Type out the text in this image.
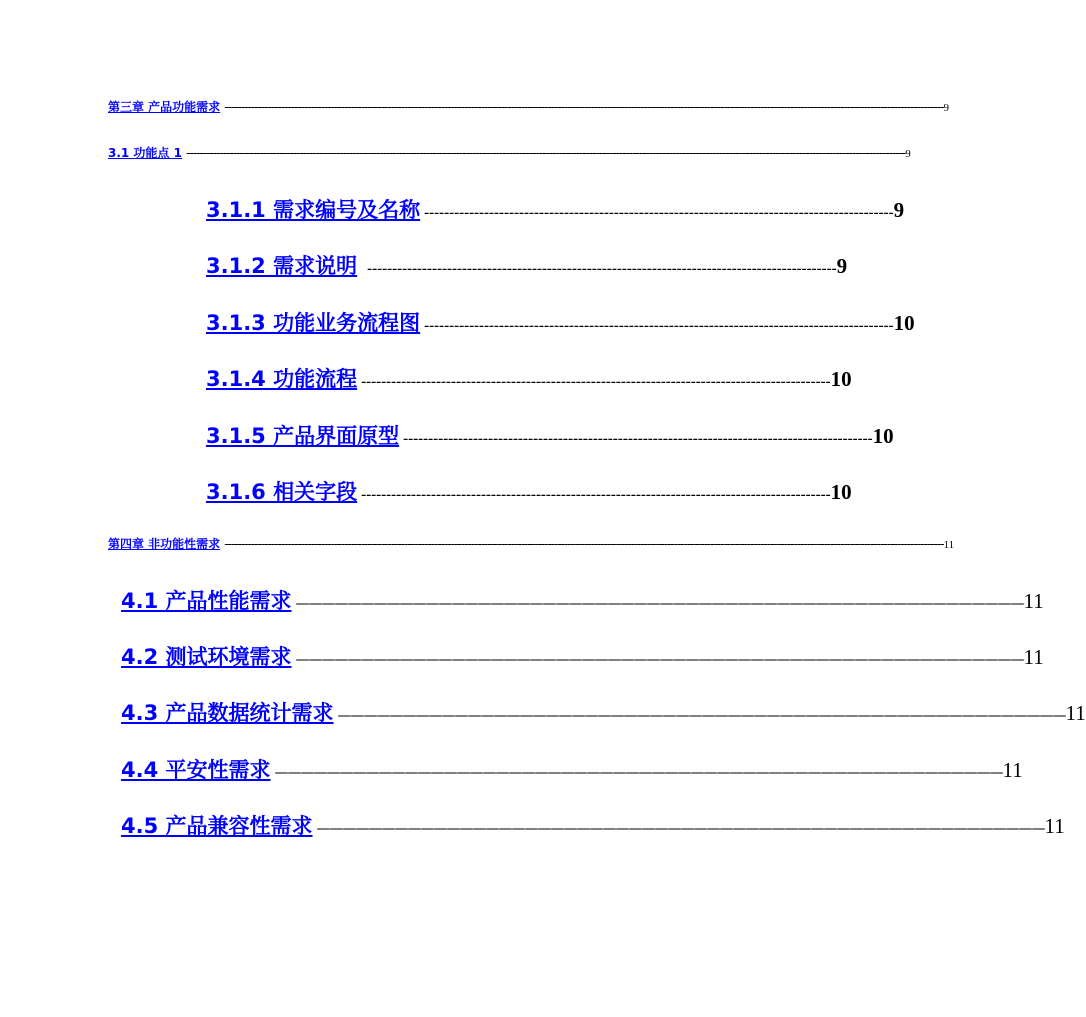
第三章 产品功能需求 ------------------------------------------------------------------------------------------------------------------------------------------------------------------------------------------------------------------------ 9
3.1 功能点 1 ------------------------------------------------------------------------------------------------------------------------------------------------------------------------------------------------------------------------ 9
3.1.1 需求编号及名称 ---------------------------------------------------------------------------------------------- 9
3.1.2 需求说明 ---------------------------------------------------------------------------------------------- 9
3.1.3 功能业务流程图 ---------------------------------------------------------------------------------------------- 10
3.1.4 功能流程 ---------------------------------------------------------------------------------------------- 10
3.1.5 产品界面原型 ---------------------------------------------------------------------------------------------- 10
3.1.6 相关字段 ---------------------------------------------------------------------------------------------- 10
第四章 非功能性需求 ------------------------------------------------------------------------------------------------------------------------------------------------------------------------------------------------------------------------ 11
4.1 产品性能需求 ———————————————————————————————————————————————————————— 11
4.2 测试环境需求 ———————————————————————————————————————————————————————— 11
4.3 产品数据统计需求 ———————————————————————————————————————————————————————— 11
4.4 平安性需求 ———————————————————————————————————————————————————————— 11
4.5 产品兼容性需求 ———————————————————————————————————————————————————————— 11
